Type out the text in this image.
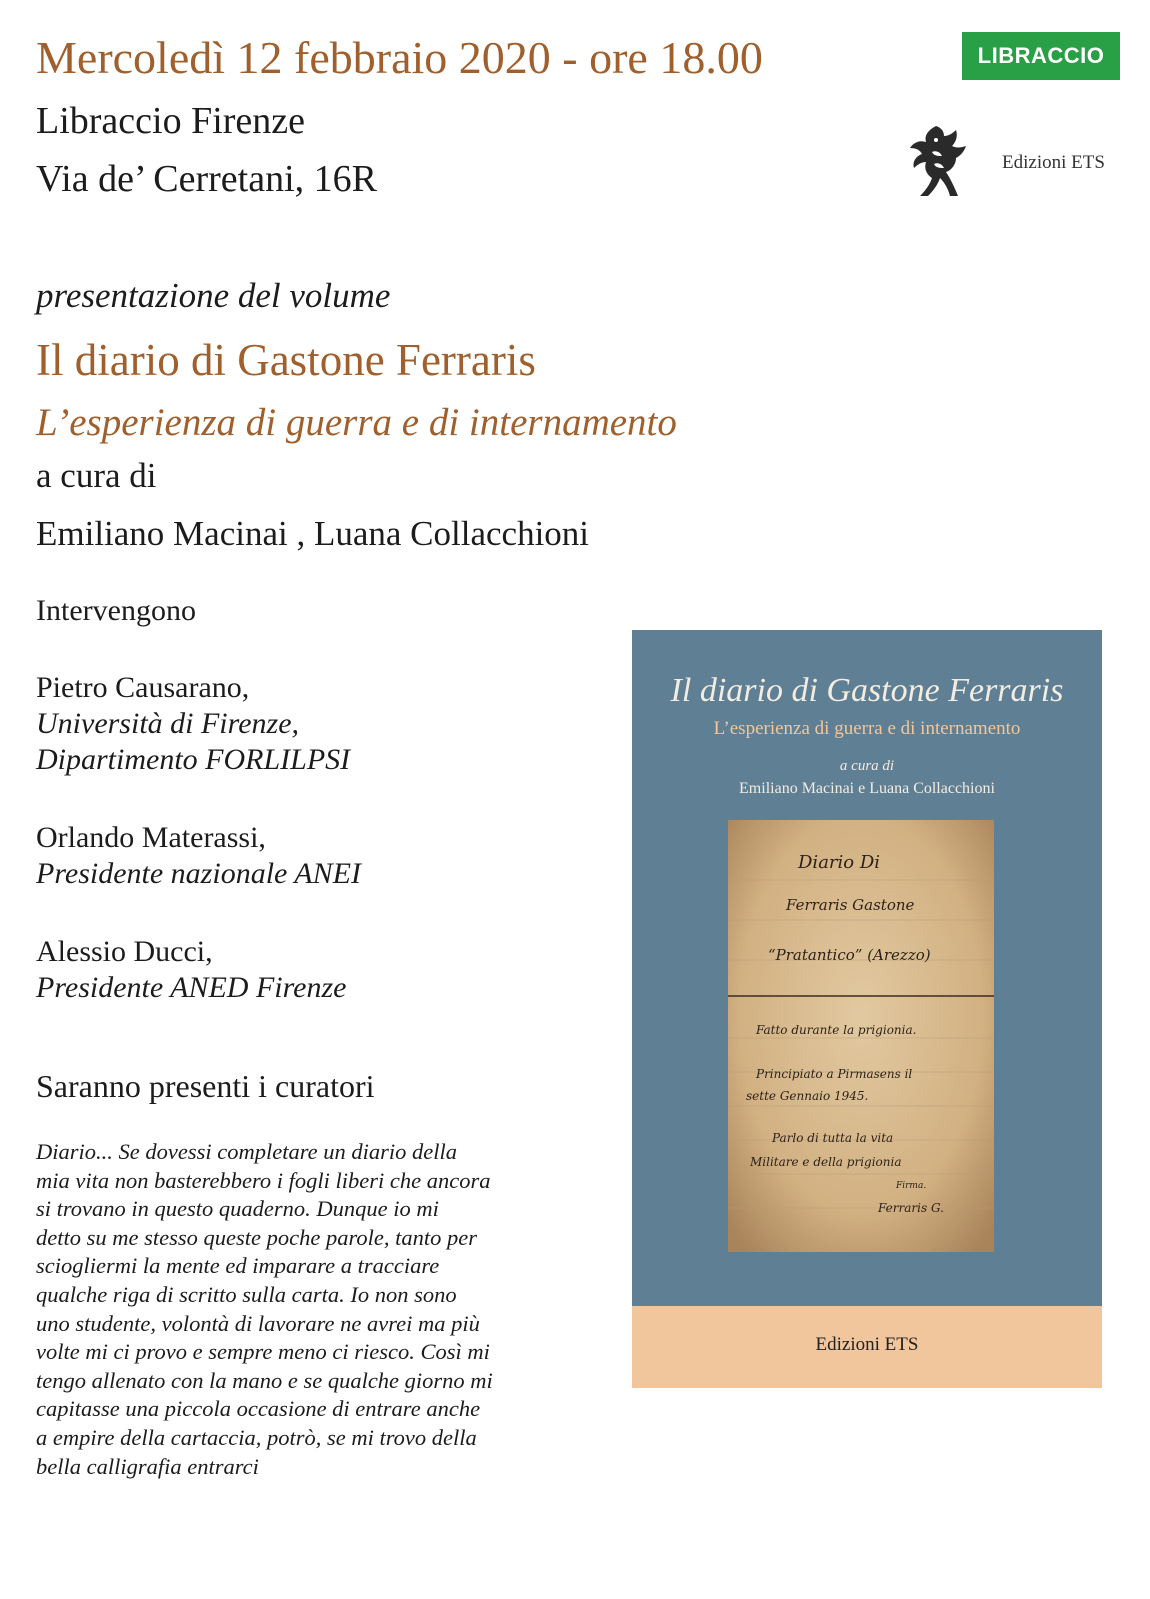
Mercoledì 12 febbraio 2020 - ore 18.00
Libraccio Firenze
Via de’ Cerretani, 16R
LIBRACCIO
Edizioni ETS
presentazione del volume
Il diario di Gastone Ferraris
L’esperienza di guerra e di internamento
a cura di
Emiliano Macinai , Luana Collacchioni
Intervengono
Pietro Causarano,
Università di Firenze,
Dipartimento FORLILPSI
Orlando Materassi,
Presidente nazionale ANEI
Alessio Ducci,
Presidente ANED Firenze
Saranno presenti i curatori
Diario... Se dovessi completare un diario della
mia vita non basterebbero i fogli liberi che ancora
si trovano in questo quaderno. Dunque io mi
detto su me stesso queste poche parole, tanto per
sciogliermi la mente ed imparare a tracciare
qualche riga di scritto sulla carta. Io non sono
uno studente, volontà di lavorare ne avrei ma più
volte mi ci provo e sempre meno ci riesco. Così mi
tengo allenato con la mano e se qualche giorno mi
capitasse una piccola occasione di entrare anche
a empire della cartaccia, potrò, se mi trovo della
bella calligrafia entrarci
Il diario di Gastone Ferraris
L’esperienza di guerra e di internamento
a cura di
Emiliano Macinai e Luana Collacchioni
Diario Di
Ferraris Gastone
“Pratantico” (Arezzo)
Fatto durante la prigionia.
Principiato a Pirmasens il
sette Gennaio 1945.
Parlo di tutta la vita
Militare e della prigionia
Firma.
Ferraris G.
Edizioni ETS
